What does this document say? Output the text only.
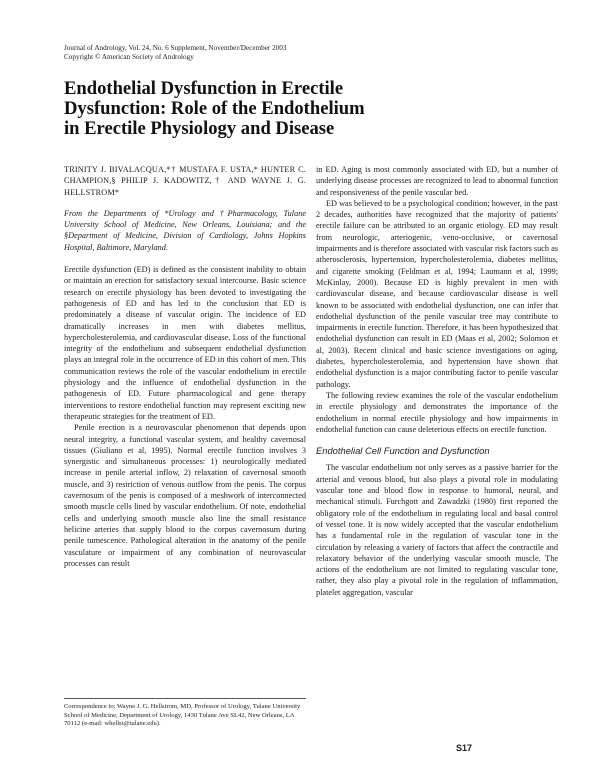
Journal of Andrology, Vol. 24, No. 6 Supplement, November/December 2003
Copyright © American Society of Andrology
Endothelial Dysfunction in Erectile
Dysfunction: Role of the Endothelium
in Erectile Physiology and Disease

TRINITY J. BIVALACQUA,*† MUSTAFA F. USTA,* HUNTER C. CHAMPION,§ PHILIP J. KADOWITZ,† AND WAYNE J. G. HELLSTROM*

From the Departments of *Urology and †Pharmacology, Tulane University School of Medicine, New Orleans, Louisiana; and the §Department of Medicine, Division of Cardiology, Johns Hopkins Hospital, Baltimore, Maryland.

Erectile dysfunction (ED) is defined as the consistent inability to obtain or maintain an erection for satisfactory sexual intercourse. Basic science research on erectile physiology has been devoted to investigating the pathogenesis of ED and has led to the conclusion that ED is predominately a disease of vascular origin. The incidence of ED dramatically increases in men with diabetes mellitus, hypercholesterolemia, and cardiovascular disease. Loss of the functional integrity of the endothelium and subsequent endothelial dysfunction plays an integral role in the occurrence of ED in this cohort of men. This communication reviews the role of the vascular endothelium in erectile physiology and the influence of endothelial dysfunction in the pathogenesis of ED. Future pharmacological and gene therapy interventions to restore endothelial function may represent exciting new therapeutic strategies for the treatment of ED.

Penile erection is a neurovascular phenomenon that depends upon neural integrity, a functional vascular system, and healthy cavernosal tissues (Giuliano et al, 1995). Normal erectile function involves 3 synergistic and simultaneous processes: 1) neurologically mediated increase in penile arterial inflow, 2) relaxation of cavernosal smooth muscle, and 3) restriction of venous outflow from the penis. The corpus cavernosum of the penis is composed of a meshwork of interconnected smooth muscle cells lined by vascular endothelium. Of note, endothelial cells and underlying smooth muscle also line the small resistance helicine arteries that supply blood to the corpus cavernosum during penile tumescence. Pathological alteration in the anatomy of the penile vasculature or impairment of any combination of neurovascular processes can result

in ED. Aging is most commonly associated with ED, but a number of underlying disease processes are recognized to lead to abnormal function and responsiveness of the penile vascular bed.

ED was believed to be a psychological condition; however, in the past 2 decades, authorities have recognized that the majority of patients' erectile failure can be attributed to an organic etiology. ED may result from neurologic, arteriogenic, veno-occlusive, or cavernosal impairments and is therefore associated with vascular risk factors such as atherosclerosis, hypertension, hypercholesterolemia, diabetes mellitus, and cigarette smoking (Feldman et al, 1994; Laumann et al, 1999; McKinlay, 2000). Because ED is highly prevalent in men with cardiovascular disease, and because cardiovascular disease is well known to be associated with endothelial dysfunction, one can infer that endothelial dysfunction of the penile vascular tree may contribute to impairments in erectile function. Therefore, it has been hypothesized that endothelial dysfunction can result in ED (Maas et al, 2002; Solomon et al, 2003). Recent clinical and basic science investigations on aging, diabetes, hypercholesterolemia, and hypertension have shown that endothelial dysfunction is a major contributing factor to penile vascular pathology.

The following review examines the role of the vascular endothelium in erectile physiology and demonstrates the importance of the endothelium in normal erectile physiology and how impairments in endothelial function can cause deleterious effects on erectile function.

Endothelial Cell Function and Dysfunction

The vascular endothelium not only serves as a passive barrier for the arterial and venous blood, but also plays a pivotal role in modulating vascular tone and blood flow in response to humoral, neural, and mechanical stimuli. Furchgott and Zawadzki (1980) first reported the obligatory role of the endothelium in regulating local and basal control of vessel tone. It is now widely accepted that the vascular endothelium has a fundamental role in the regulation of vascular tone in the circulation by releasing a variety of factors that affect the contractile and relaxatory behavior of the underlying vascular smooth muscle. The actions of the endothelium are not limited to regulating vascular tone, rather, they also play a pivotal role in the regulation of inflammation, platelet aggregation, vascular

Correspondence to: Wayne J. G. Hellstrom, MD, Professor of Urology, Tulane University School of Medicine, Department of Urology, 1430 Tulane Ave SL42, New Orleans, LA 70112 (e-mail: whellst@tulane.edu).
S17
